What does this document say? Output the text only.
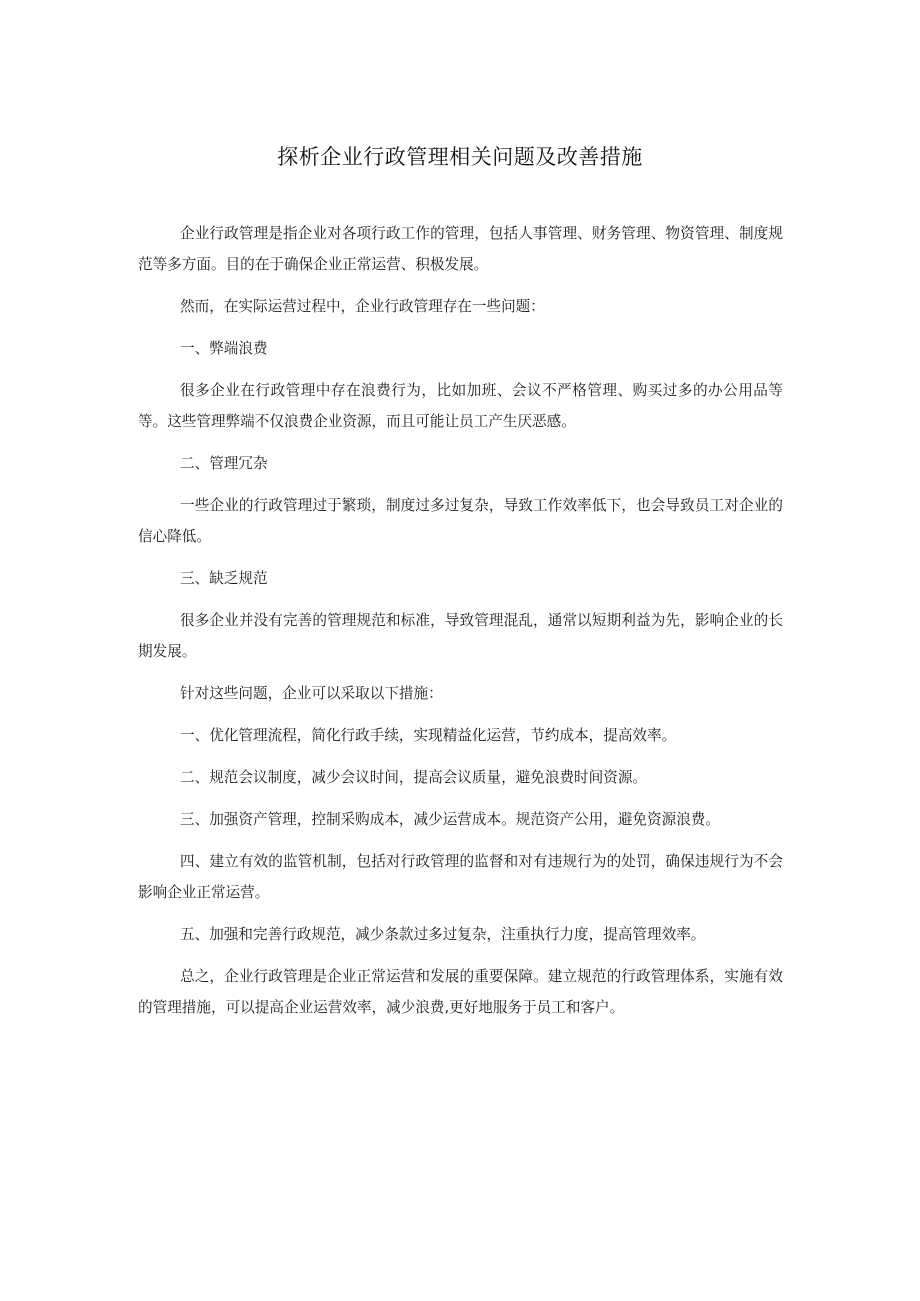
探析企业行政管理相关问题及改善措施

企业行政管理是指企业对各项行政工作的管理，包括人事管理、财务管理、物资管理、制度规范等多方面。目的在于确保企业正常运营、积极发展。

然而，在实际运营过程中，企业行政管理存在一些问题：

一、弊端浪费

很多企业在行政管理中存在浪费行为，比如加班、会议不严格管理、购买过多的办公用品等等。这些管理弊端不仅浪费企业资源，而且可能让员工产生厌恶感。

二、管理冗杂

一些企业的行政管理过于繁琐，制度过多过复杂，导致工作效率低下，也会导致员工对企业的信心降低。

三、缺乏规范

很多企业并没有完善的管理规范和标准，导致管理混乱，通常以短期利益为先，影响企业的长期发展。

针对这些问题，企业可以采取以下措施：

一、优化管理流程，简化行政手续，实现精益化运营，节约成本，提高效率。

二、规范会议制度，减少会议时间，提高会议质量，避免浪费时间资源。

三、加强资产管理，控制采购成本，减少运营成本。规范资产公用，避免资源浪费。

四、建立有效的监管机制，包括对行政管理的监督和对有违规行为的处罚，确保违规行为不会影响企业正常运营。

五、加强和完善行政规范，减少条款过多过复杂，注重执行力度，提高管理效率。

总之，企业行政管理是企业正常运营和发展的重要保障。建立规范的行政管理体系，实施有效的管理措施，可以提高企业运营效率，减少浪费,更好地服务于员工和客户。
